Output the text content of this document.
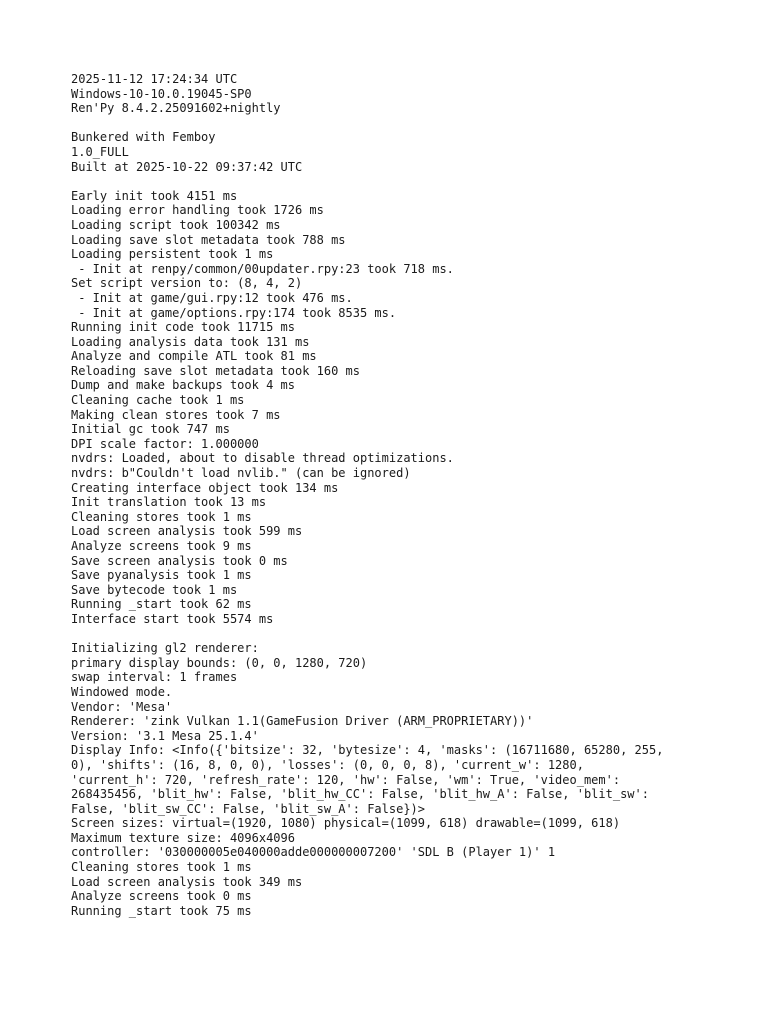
2025-11-12 17:24:34 UTC
Windows-10-10.0.19045-SP0
Ren'Py 8.4.2.25091602+nightly
Bunkered with Femboy
1.0_FULL
Built at 2025-10-22 09:37:42 UTC
Early init took 4151 ms
Loading error handling took 1726 ms
Loading script took 100342 ms
Loading save slot metadata took 788 ms
Loading persistent took 1 ms
- Init at renpy/common/00updater.rpy:23 took 718 ms.
Set script version to: (8, 4, 2)
- Init at game/gui.rpy:12 took 476 ms.
- Init at game/options.rpy:174 took 8535 ms.
Running init code took 11715 ms
Loading analysis data took 131 ms
Analyze and compile ATL took 81 ms
Reloading save slot metadata took 160 ms
Dump and make backups took 4 ms
Cleaning cache took 1 ms
Making clean stores took 7 ms
Initial gc took 747 ms
DPI scale factor: 1.000000
nvdrs: Loaded, about to disable thread optimizations.
nvdrs: b"Couldn't load nvlib." (can be ignored)
Creating interface object took 134 ms
Init translation took 13 ms
Cleaning stores took 1 ms
Load screen analysis took 599 ms
Analyze screens took 9 ms
Save screen analysis took 0 ms
Save pyanalysis took 1 ms
Save bytecode took 1 ms
Running _start took 62 ms
Interface start took 5574 ms
Initializing gl2 renderer:
primary display bounds: (0, 0, 1280, 720)
swap interval: 1 frames
Windowed mode.
Vendor: 'Mesa'
Renderer: 'zink Vulkan 1.1(GameFusion Driver (ARM_PROPRIETARY))'
Version: '3.1 Mesa 25.1.4'
Display Info: <Info({'bitsize': 32, 'bytesize': 4, 'masks': (16711680, 65280, 255,
0), 'shifts': (16, 8, 0, 0), 'losses': (0, 0, 0, 8), 'current_w': 1280,
'current_h': 720, 'refresh_rate': 120, 'hw': False, 'wm': True, 'video_mem':
268435456, 'blit_hw': False, 'blit_hw_CC': False, 'blit_hw_A': False, 'blit_sw':
False, 'blit_sw_CC': False, 'blit_sw_A': False})>
Screen sizes: virtual=(1920, 1080) physical=(1099, 618) drawable=(1099, 618)
Maximum texture size: 4096x4096
controller: '030000005e040000adde000000007200' 'SDL B (Player 1)' 1
Cleaning stores took 1 ms
Load screen analysis took 349 ms
Analyze screens took 0 ms
Running _start took 75 ms
